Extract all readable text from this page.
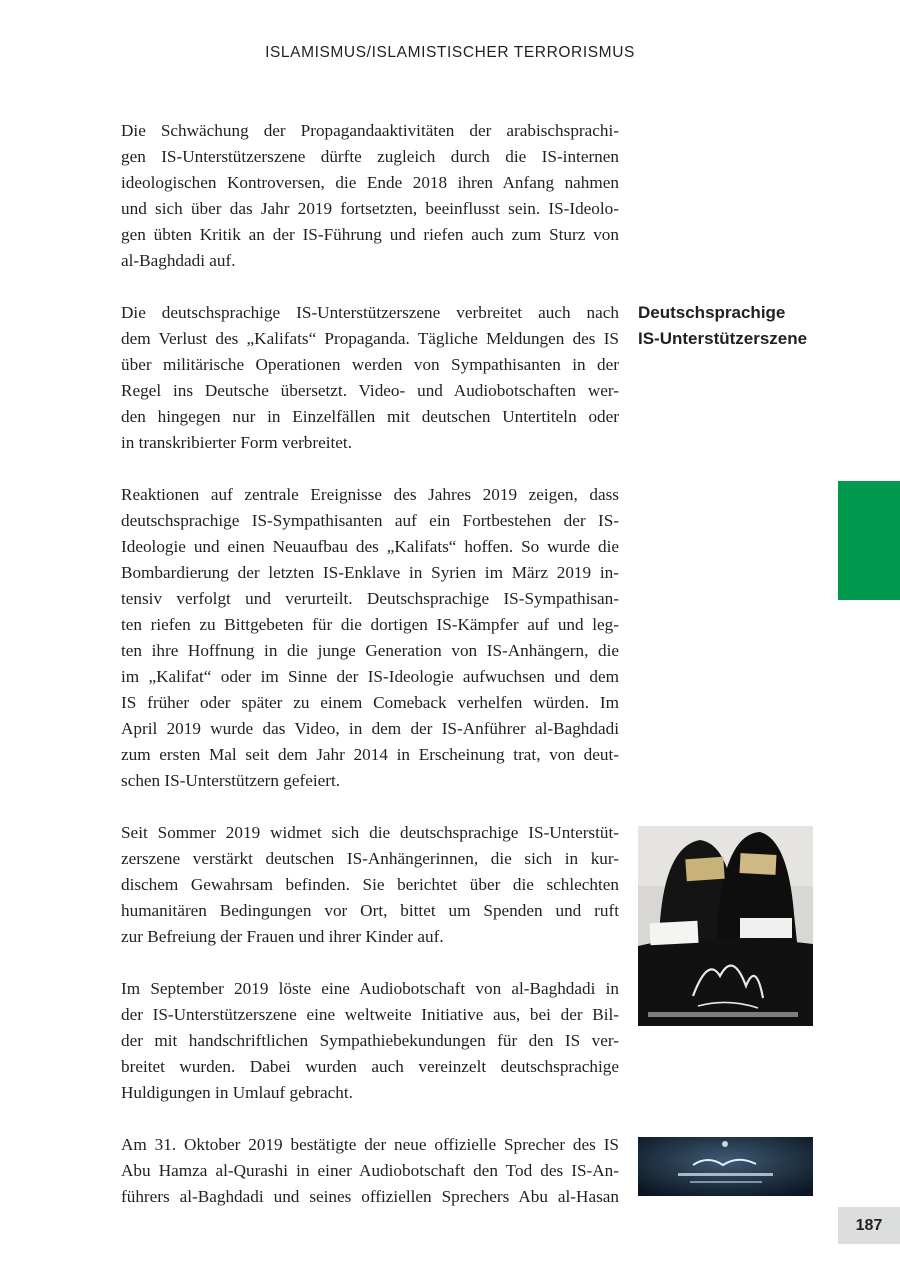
ISLAMISMUS/ISLAMISTISCHER TERRORISMUS
Die Schwächung der Propagandaaktivitäten der arabischsprachi-
gen IS-Unterstützerszene dürfte zugleich durch die IS-internen
ideologischen Kontroversen, die Ende 2018 ihren Anfang nahmen
und sich über das Jahr 2019 fortsetzten, beeinflusst sein. IS-Ideolo-
gen übten Kritik an der IS-Führung und riefen auch zum Sturz von
al-Baghdadi auf.
Die deutschsprachige IS-Unterstützerszene verbreitet auch nach
dem Verlust des „Kalifats“ Propaganda. Tägliche Meldungen des IS
über militärische Operationen werden von Sympathisanten in der
Regel ins Deutsche übersetzt. Video- und Audiobotschaften wer-
den hingegen nur in Einzelfällen mit deutschen Untertiteln oder
in transkribierter Form verbreitet.
Deutschsprachige
IS-Unterstützerszene
Reaktionen auf zentrale Ereignisse des Jahres 2019 zeigen, dass
deutschsprachige IS-Sympathisanten auf ein Fortbestehen der IS-
Ideologie und einen Neuaufbau des „Kalifats“ hoffen. So wurde die
Bombardierung der letzten IS-Enklave in Syrien im März 2019 in-
tensiv verfolgt und verurteilt. Deutschsprachige IS-Sympathisan-
ten riefen zu Bittgebeten für die dortigen IS-Kämpfer auf und leg-
ten ihre Hoffnung in die junge Generation von IS-Anhängern, die
im „Kalifat“ oder im Sinne der IS-Ideologie aufwuchsen und dem
IS früher oder später zu einem Comeback verhelfen würden. Im
April 2019 wurde das Video, in dem der IS-Anführer al-Baghdadi
zum ersten Mal seit dem Jahr 2014 in Erscheinung trat, von deut-
schen IS-Unterstützern gefeiert.
Seit Sommer 2019 widmet sich die deutschsprachige IS-Unterstüt-
zerszene verstärkt deutschen IS-Anhängerinnen, die sich in kur-
dischem Gewahrsam befinden. Sie berichtet über die schlechten
humanitären Bedingungen vor Ort, bittet um Spenden und ruft
zur Befreiung der Frauen und ihrer Kinder auf.
Im September 2019 löste eine Audiobotschaft von al-Baghdadi in
der IS-Unterstützerszene eine weltweite Initiative aus, bei der Bil-
der mit handschriftlichen Sympathiebekundungen für den IS ver-
breitet wurden. Dabei wurden auch vereinzelt deutschsprachige
Huldigungen in Umlauf gebracht.
Am 31. Oktober 2019 bestätigte der neue offizielle Sprecher des IS
Abu Hamza al-Qurashi in einer Audiobotschaft den Tod des IS-An-
führers al-Baghdadi und seines offiziellen Sprechers Abu al-Hasan
187
